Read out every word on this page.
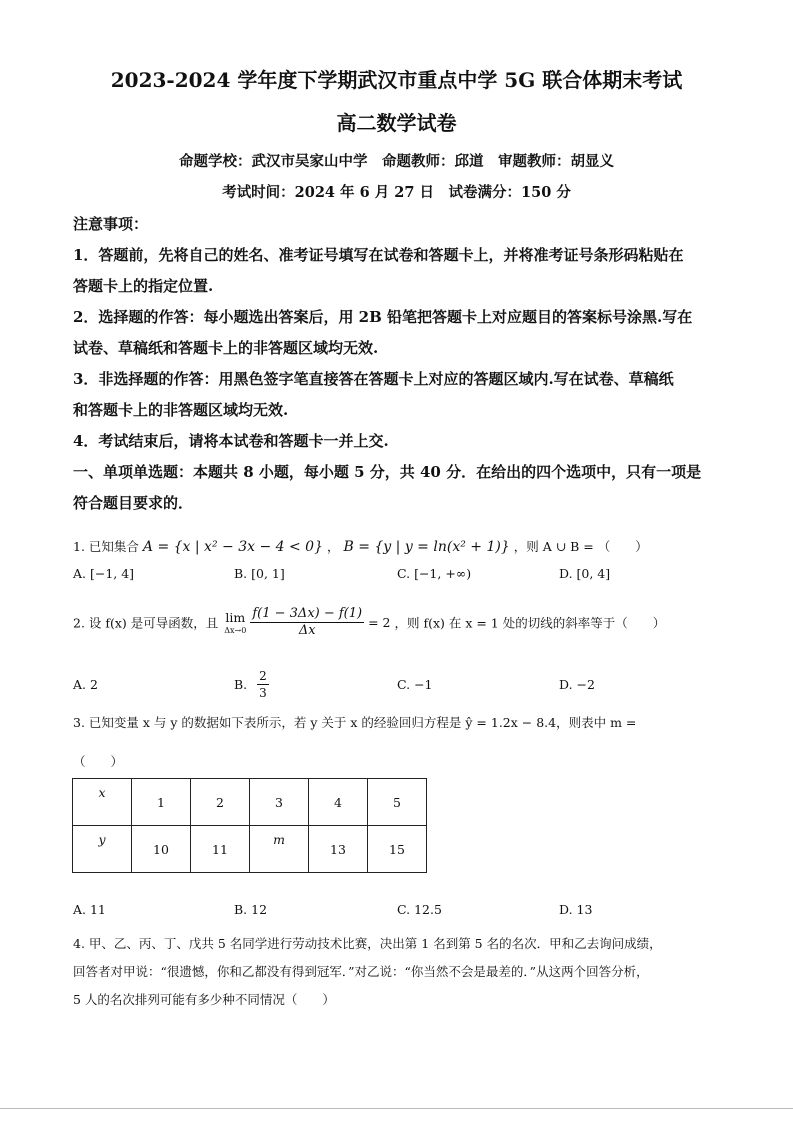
2023-2024 学年度下学期武汉市重点中学 5G 联合体期末考试
高二数学试卷
命题学校：武汉市吴家山中学　命题教师：邱道　审题教师：胡显义
考试时间：2024 年 6 月 27 日　试卷满分：150 分
注意事项：
1．答题前，先将自己的姓名、准考证号填写在试卷和答题卡上，并将准考证号条形码粘贴在
答题卡上的指定位置.
2．选择题的作答：每小题选出答案后，用 2B 铅笔把答题卡上对应题目的答案标号涂黑.写在
试卷、草稿纸和答题卡上的非答题区域均无效.
3．非选择题的作答：用黑色签字笔直接答在答题卡上对应的答题区域内.写在试卷、草稿纸
和答题卡上的非答题区域均无效.
4．考试结束后，请将本试卷和答题卡一并上交.
一、单项单选题：本题共 8 小题，每小题 5 分，共 40 分．在给出的四个选项中，只有一项是
符合题目要求的．
1. 已知集合 A = {x | x² − 3x − 4 < 0} ， B = {y | y = ln(x² + 1)} ，则 A ∪ B = （　　）
A. [−1, 4]	B. [0, 1]	C. [−1, +∞)	D. [0, 4]
2. 设 f(x) 是可导函数，且 lim
Δx→0
$\frac{f(1 - 3\Delta x) - f(1)}{\Delta x} = 2$ ，则 f(x) 在 x = 1 处的切线的斜率等于（　　）
A. 2	B. $\frac{2}{3}$	C. −1	D. −2
3. 已知变量 x 与 y 的数据如下表所示，若 y 关于 x 的经验回归方程是 ŷ = 1.2x − 8.4，则表中 m =
（　　）
x	1	2	3	4	5
y	10	11	m	13	15
A. 11	B. 12	C. 12.5	D. 13
4. 甲、乙、丙、丁、戊共 5 名同学进行劳动技术比赛，决出第 1 名到第 5 名的名次．甲和乙去询问成绩，
回答者对甲说：“很遗憾，你和乙都没有得到冠军．”对乙说：“你当然不会是最差的．”从这两个回答分析，
5 人的名次排列可能有多少种不同情况（　　）
